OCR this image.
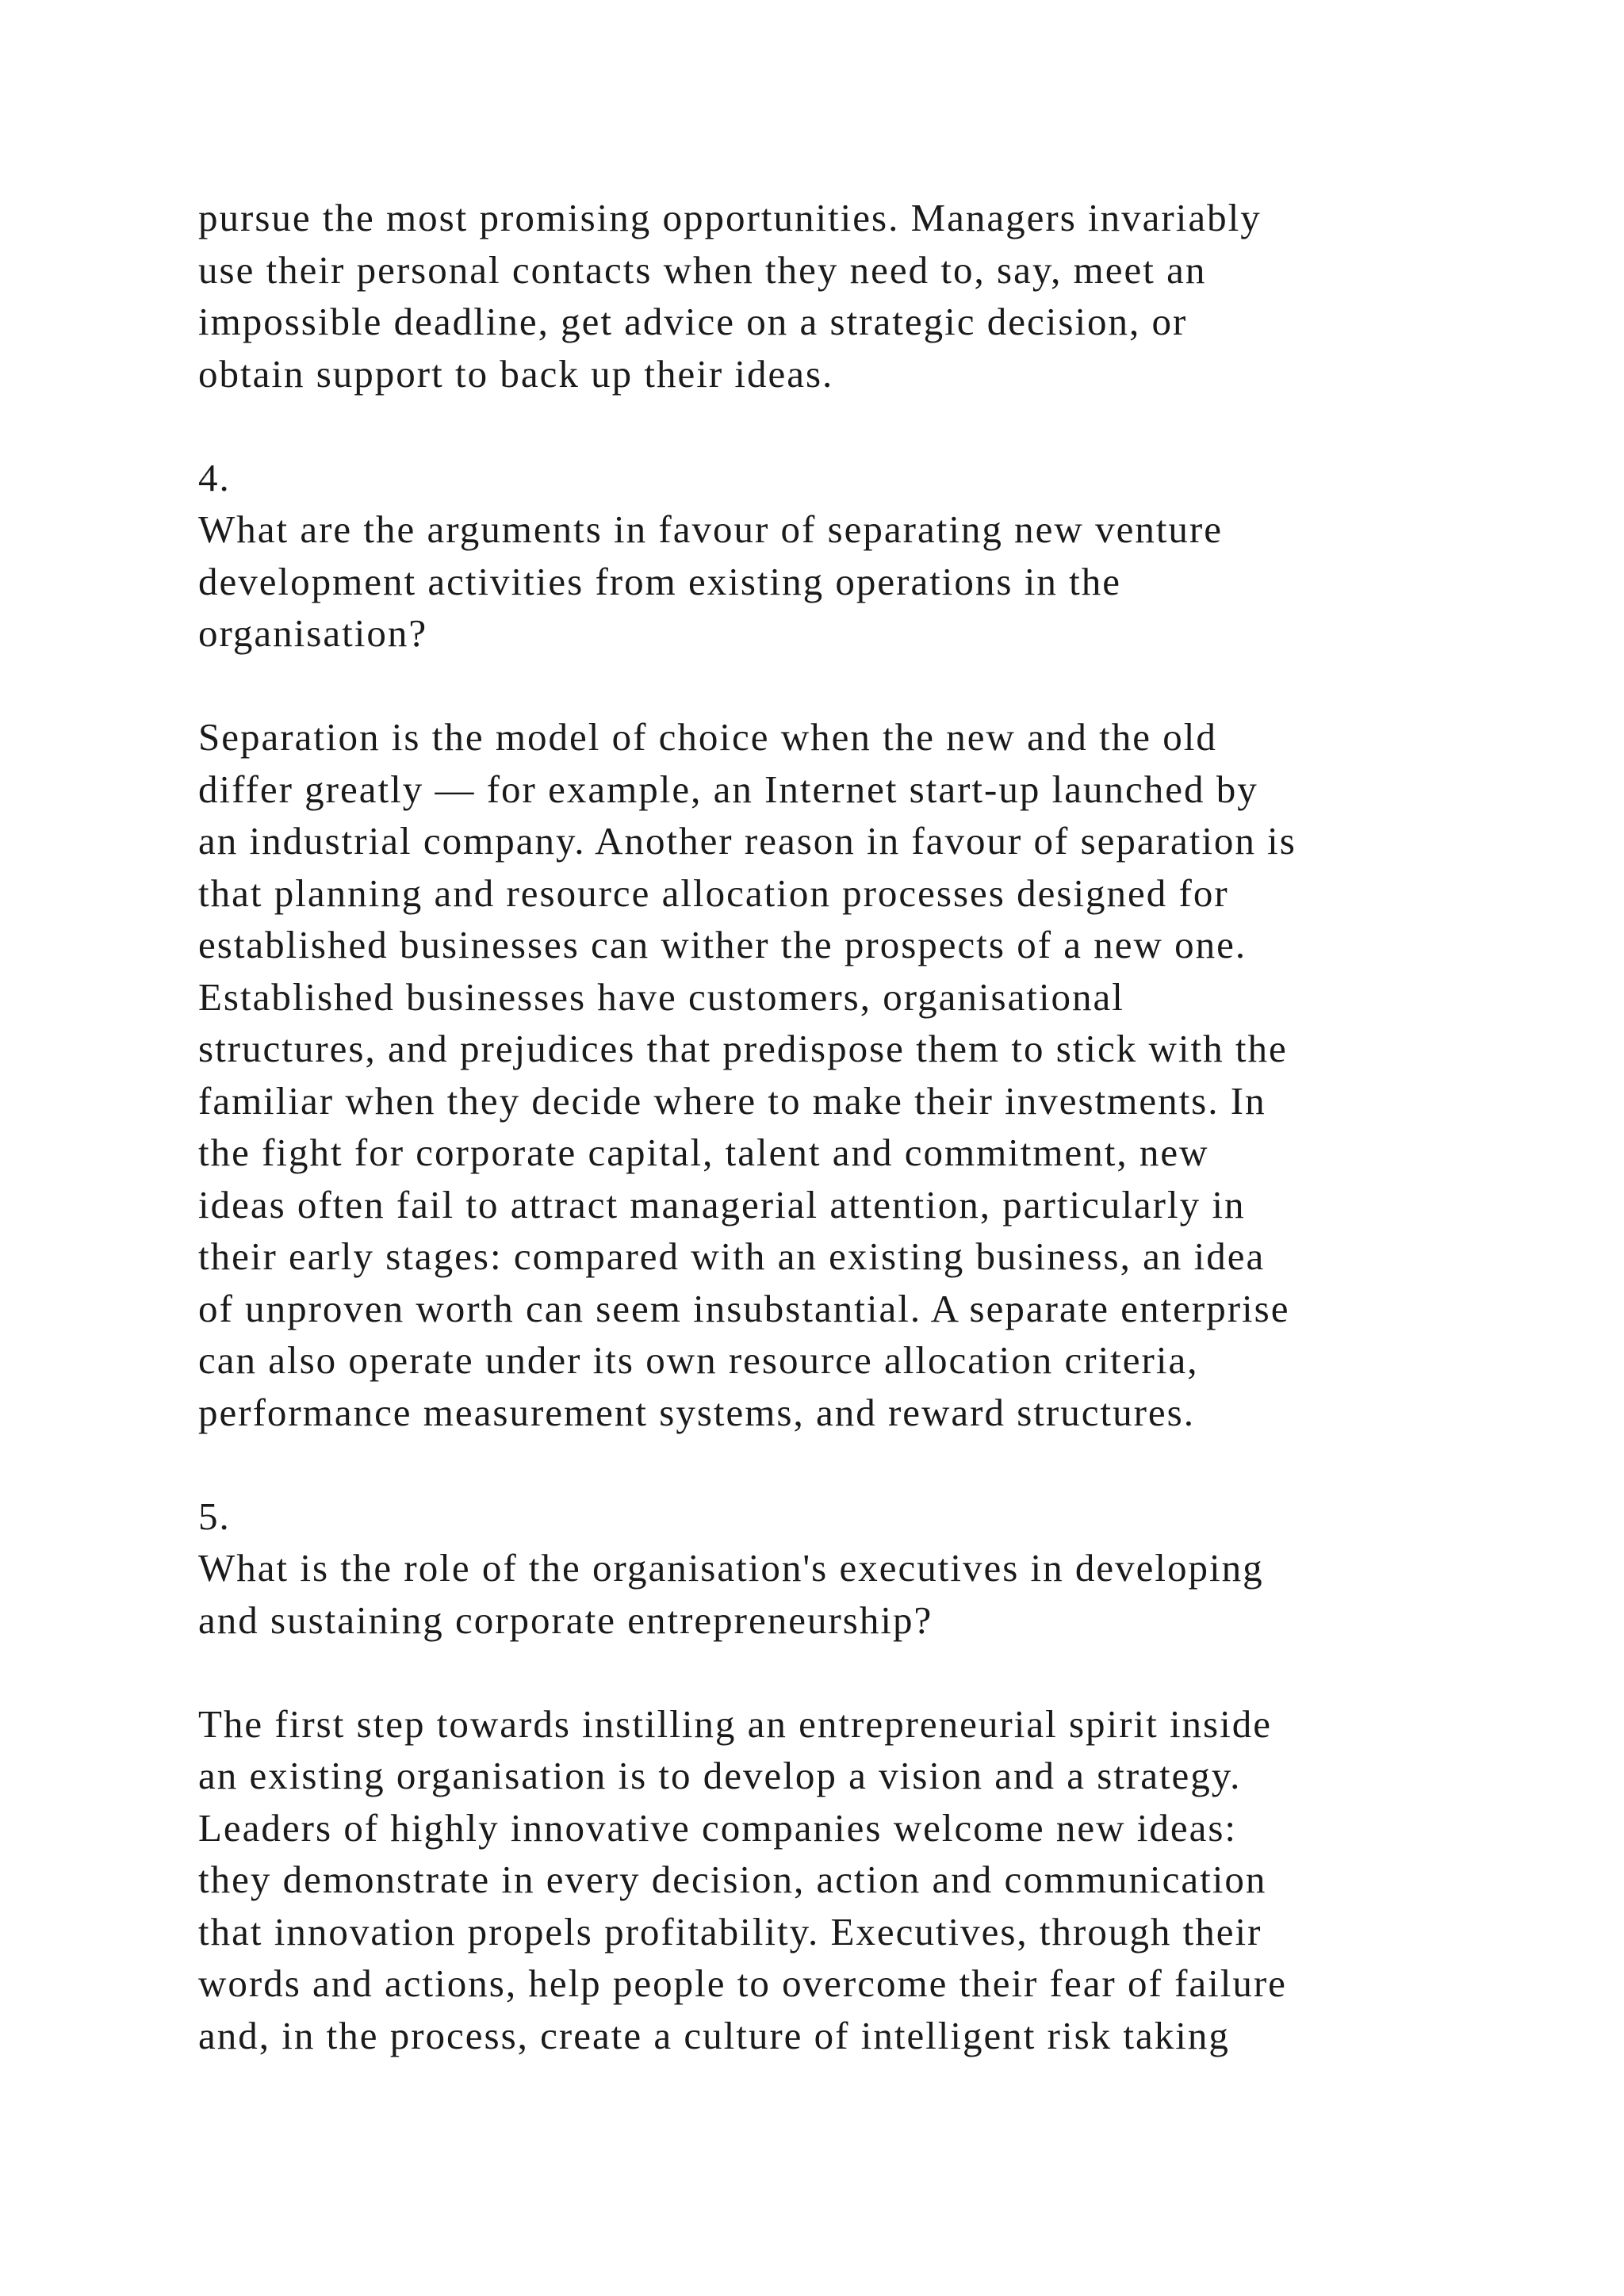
pursue the most promising opportunities. Managers invariably
use their personal contacts when they need to, say, meet an
impossible deadline, get advice on a strategic decision, or
obtain support to back up their ideas.
4.
What are the arguments in favour of separating new venture
development activities from existing operations in the
organisation?
Separation is the model of choice when the new and the old
differ greatly — for example, an Internet start-up launched by
an industrial company. Another reason in favour of separation is
that planning and resource allocation processes designed for
established businesses can wither the prospects of a new one.
Established businesses have customers, organisational
structures, and prejudices that predispose them to stick with the
familiar when they decide where to make their investments. In
the fight for corporate capital, talent and commitment, new
ideas often fail to attract managerial attention, particularly in
their early stages: compared with an existing business, an idea
of unproven worth can seem insubstantial. A separate enterprise
can also operate under its own resource allocation criteria,
performance measurement systems, and reward structures.
5.
What is the role of the organisation's executives in developing
and sustaining corporate entrepreneurship?
The first step towards instilling an entrepreneurial spirit inside
an existing organisation is to develop a vision and a strategy.
Leaders of highly innovative companies welcome new ideas:
they demonstrate in every decision, action and communication
that innovation propels profitability. Executives, through their
words and actions, help people to overcome their fear of failure
and, in the process, create a culture of intelligent risk taking
